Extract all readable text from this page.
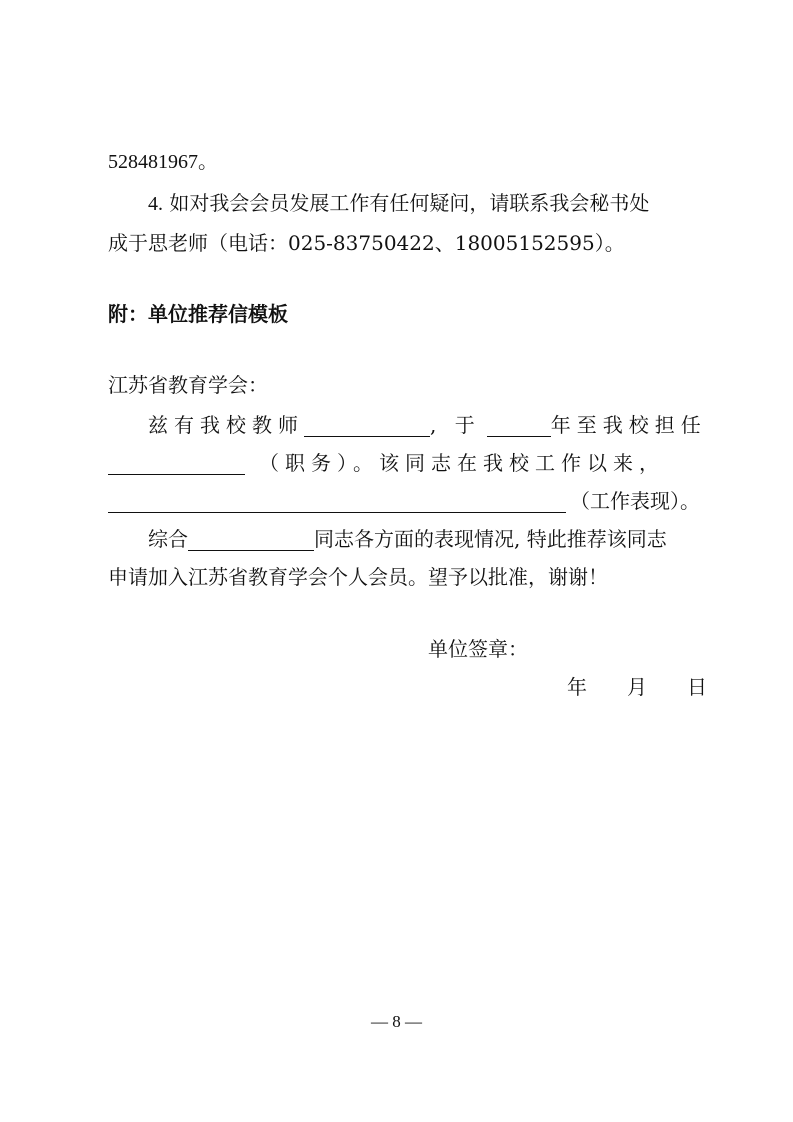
528481967。
4. 如对我会会员发展工作有任何疑问，请联系我会秘书处
成于思老师（电话：025-83750422、18005152595）。
附：单位推荐信模板
江苏省教育学会：
兹有我校教师	, 于	年至我校担任
（职务）。该同志在我校工作以来，
（工作表现）。
综合	同志各方面的表现情况, 特此推荐该同志
申请加入江苏省教育学会个人会员。望予以批准，谢谢！
单位签章：
年　　月　　日
— 8 —
